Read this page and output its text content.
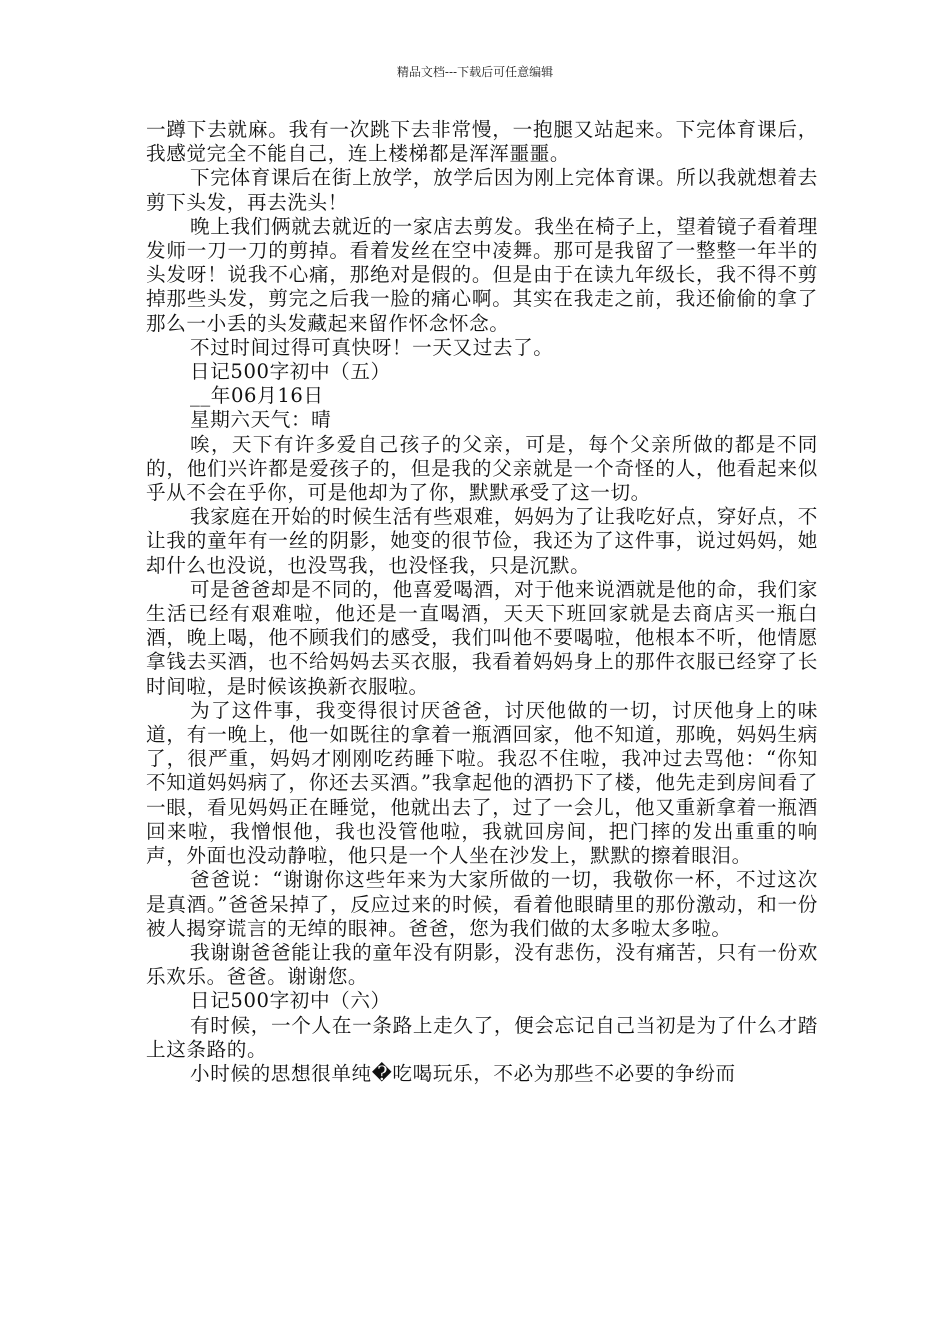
精品文档---下载后可任意编辑

一蹲下去就麻。我有一次跳下去非常慢，一抱腿又站起来。下完体育课后，我感觉完全不能自己，连上楼梯都是浑浑噩噩。

下完体育课后在街上放学，放学后因为刚上完体育课。所以我就想着去剪下头发，再去洗头！

晚上我们俩就去就近的一家店去剪发。我坐在椅子上，望着镜子看着理发师一刀一刀的剪掉。看着发丝在空中凌舞。那可是我留了一整整一年半的头发呀！说我不心痛，那绝对是假的。但是由于在读九年级长，我不得不剪掉那些头发，剪完之后我一脸的痛心啊。其实在我走之前，我还偷偷的拿了那么一小丢的头发藏起来留作怀念怀念。

不过时间过得可真快呀！一天又过去了。

日记500字初中（五）

__年06月16日

星期六天气：晴

唉，天下有许多爱自己孩子的父亲，可是，每个父亲所做的都是不同的，他们兴许都是爱孩子的，但是我的父亲就是一个奇怪的人，他看起来似乎从不会在乎你，可是他却为了你，默默承受了这一切。

我家庭在开始的时候生活有些艰难，妈妈为了让我吃好点，穿好点，不让我的童年有一丝的阴影，她变的很节俭，我还为了这件事，说过妈妈，她却什么也没说，也没骂我，也没怪我，只是沉默。

可是爸爸却是不同的，他喜爱喝酒，对于他来说酒就是他的命，我们家生活已经有艰难啦，他还是一直喝酒，天天下班回家就是去商店买一瓶白酒，晚上喝，他不顾我们的感受，我们叫他不要喝啦，他根本不听，他情愿拿钱去买酒，也不给妈妈去买衣服，我看着妈妈身上的那件衣服已经穿了长时间啦，是时候该换新衣服啦。

为了这件事，我变得很讨厌爸爸，讨厌他做的一切，讨厌他身上的味道，有一晚上，他一如既往的拿着一瓶酒回家，他不知道，那晚，妈妈生病了，很严重，妈妈才刚刚吃药睡下啦。我忍不住啦，我冲过去骂他：“你知不知道妈妈病了，你还去买酒。”我拿起他的酒扔下了楼，他先走到房间看了一眼，看见妈妈正在睡觉，他就出去了，过了一会儿，他又重新拿着一瓶酒回来啦，我憎恨他，我也没管他啦，我就回房间，把门摔的发出重重的响声，外面也没动静啦，他只是一个人坐在沙发上，默默的擦着眼泪。

爸爸说：“谢谢你这些年来为大家所做的一切，我敬你一杯，不过这次是真酒。”爸爸呆掉了，反应过来的时候，看着他眼睛里的那份激动，和一份被人揭穿谎言的无绰的眼神。爸爸，您为我们做的太多啦太多啦。

我谢谢爸爸能让我的童年没有阴影，没有悲伤，没有痛苦，只有一份欢乐欢乐。爸爸。谢谢您。

日记500字初中（六）

有时候，一个人在一条路上走久了，便会忘记自己当初是为了什么才踏上这条路的。

小时候的思想很单纯�吃喝玩乐，不必为那些不必要的争纷而
